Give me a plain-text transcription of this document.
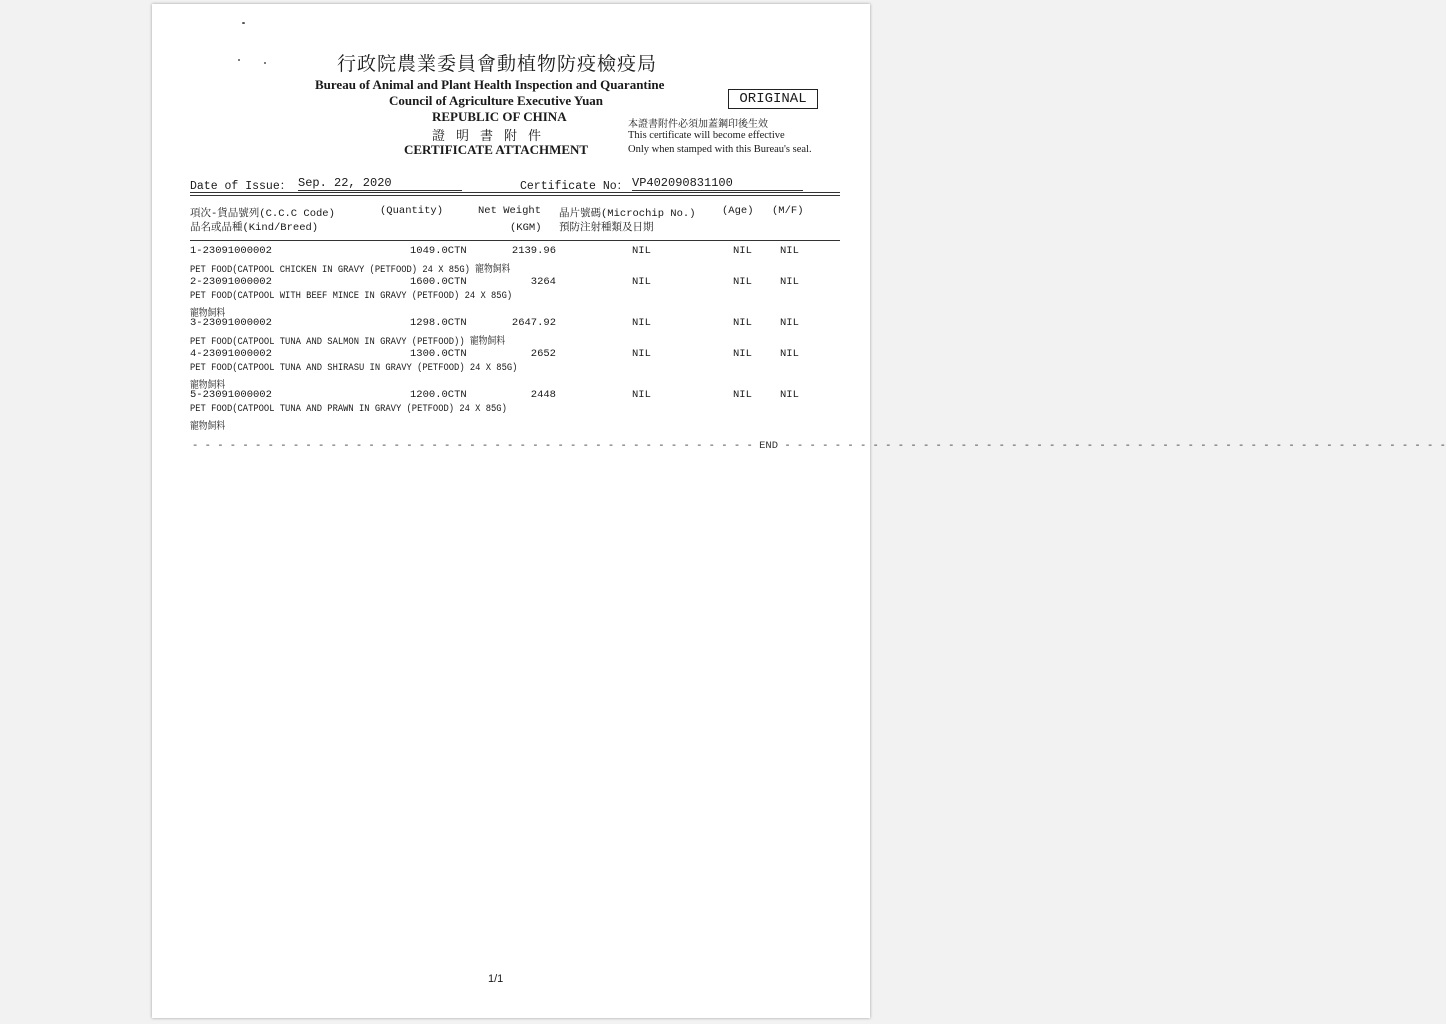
行政院農業委員會動植物防疫檢疫局
Bureau of Animal and Plant Health Inspection and Quarantine
Council of Agriculture Executive Yuan
REPUBLIC OF CHINA
證明書附件
CERTIFICATE ATTACHMENT
ORIGINAL
本證書附件必須加蓋鋼印後生效
This certificate will become effective
Only when stamped with this Bureau's seal.
Date of Issue： Sep. 22, 2020	Certificate No： VP402090831100
項次-貨品號列(C.C.C Code)
品名或品種(Kind/Breed)
(Quantity)	Net Weight
(KGM)
晶片號碼(Microchip No.)
預防注射種類及日期
(Age) (M/F)
1-23091000002	1049.0CTN	2139.96	NIL	NIL	NIL
PET FOOD(CATPOOL CHICKEN IN GRAVY (PETFOOD) 24 X 85G) 寵物飼料
2-23091000002	1600.0CTN	3264	NIL	NIL	NIL
PET FOOD(CATPOOL WITH BEEF MINCE IN GRAVY (PETFOOD) 24 X 85G)
寵物飼料
3-23091000002	1298.0CTN	2647.92	NIL	NIL	NIL
PET FOOD(CATPOOL TUNA AND SALMON IN GRAVY (PETFOOD)) 寵物飼料
4-23091000002	1300.0CTN	2652	NIL	NIL	NIL
PET FOOD(CATPOOL TUNA AND SHIRASU IN GRAVY (PETFOOD) 24 X 85G)
寵物飼料
5-23091000002	1200.0CTN	2448	NIL	NIL	NIL
PET FOOD(CATPOOL TUNA AND PRAWN IN GRAVY (PETFOOD) 24 X 85G)
寵物飼料
- - - - - - - - - - - - - - - - - - - - - - - - - - - - - - - - - - - - - - - - - - - - - END - - - - - - - - - - - - - - - - - - - - - - - - - - - - - - - - - - - - - - - - - - - - - - - - - - - - -
1/1
